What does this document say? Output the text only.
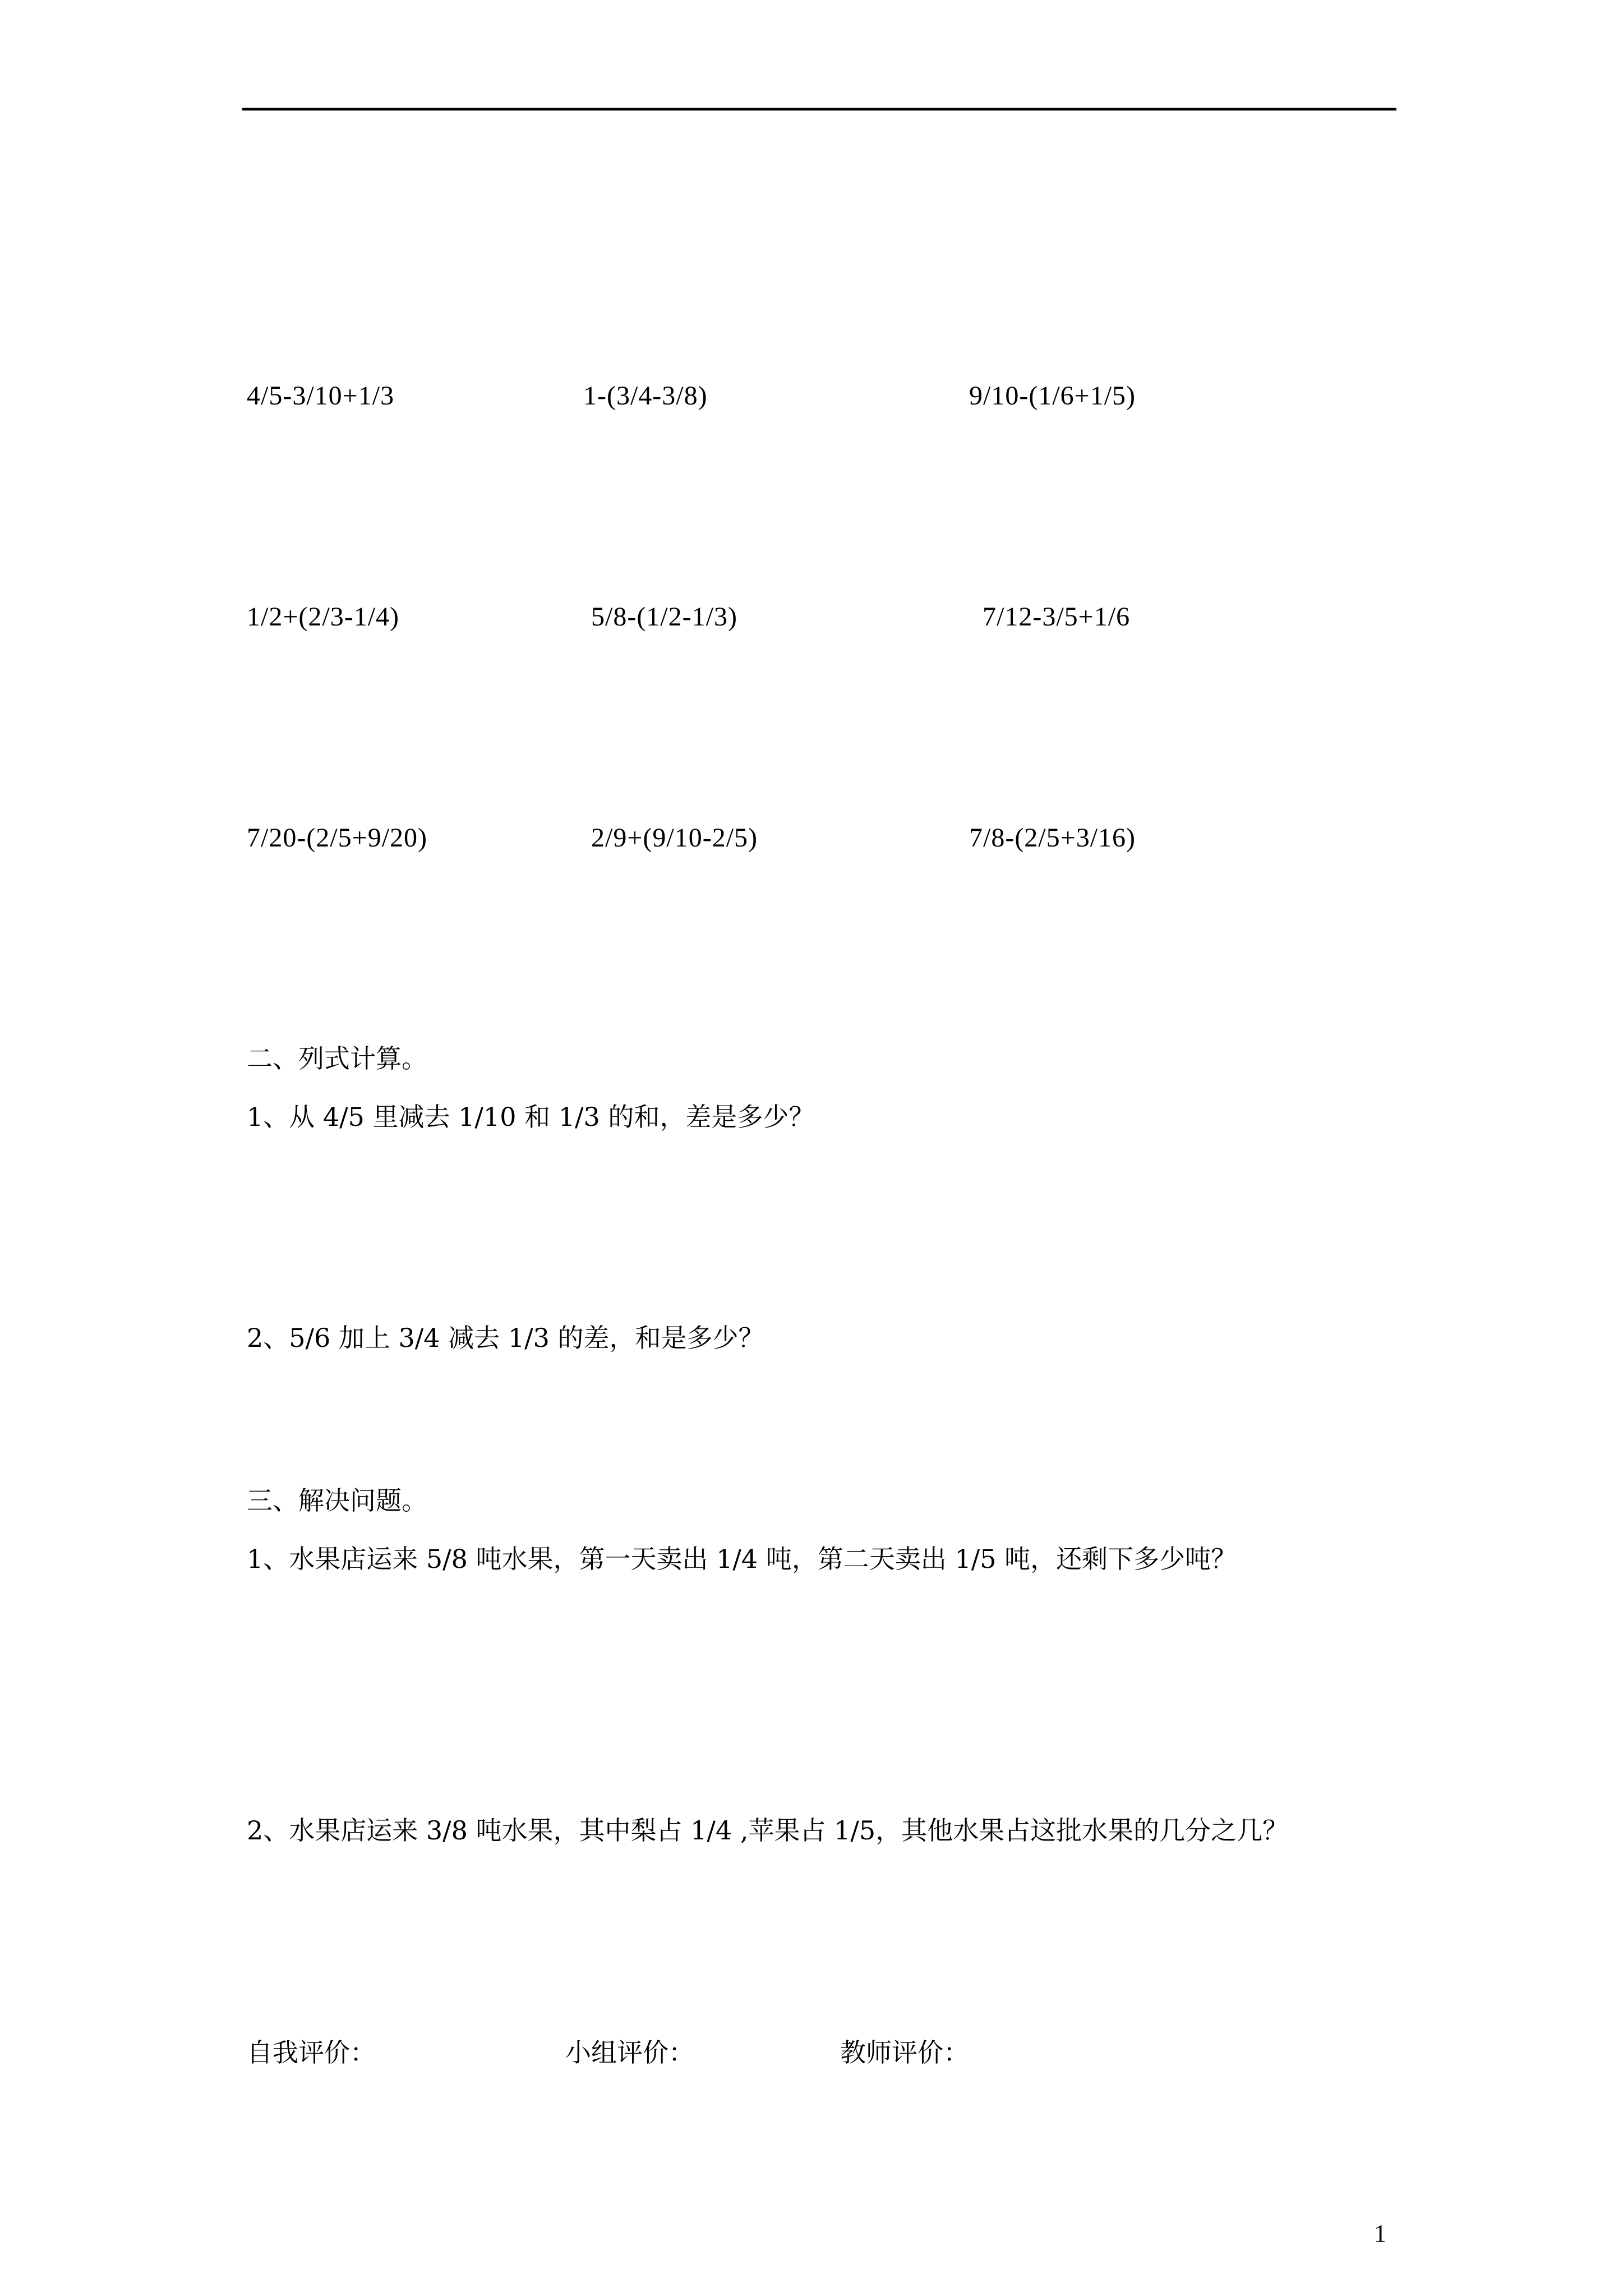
4/5-3/10+1/3	1-(3/4-3/8)	9/10-(1/6+1/5)
1/2+(2/3-1/4)	5/8-(1/2-1/3)	7/12-3/5+1/6
7/20-(2/5+9/20)	2/9+(9/10-2/5)	7/8-(2/5+3/16)
二、列式计算。
1、从 4/5 里减去 1/10 和 1/3 的和，差是多少？
2、5/6 加上 3/4 减去 1/3 的差，和是多少？
三、解决问题。
1、水果店运来 5/8 吨水果，第一天卖出 1/4 吨，第二天卖出 1/5 吨，还剩下多少吨？
2、水果店运来 3/8 吨水果，其中梨占 1/4 ,苹果占 1/5，其他水果占这批水果的几分之几？
自我评价：	小组评价：	教师评价：
1
